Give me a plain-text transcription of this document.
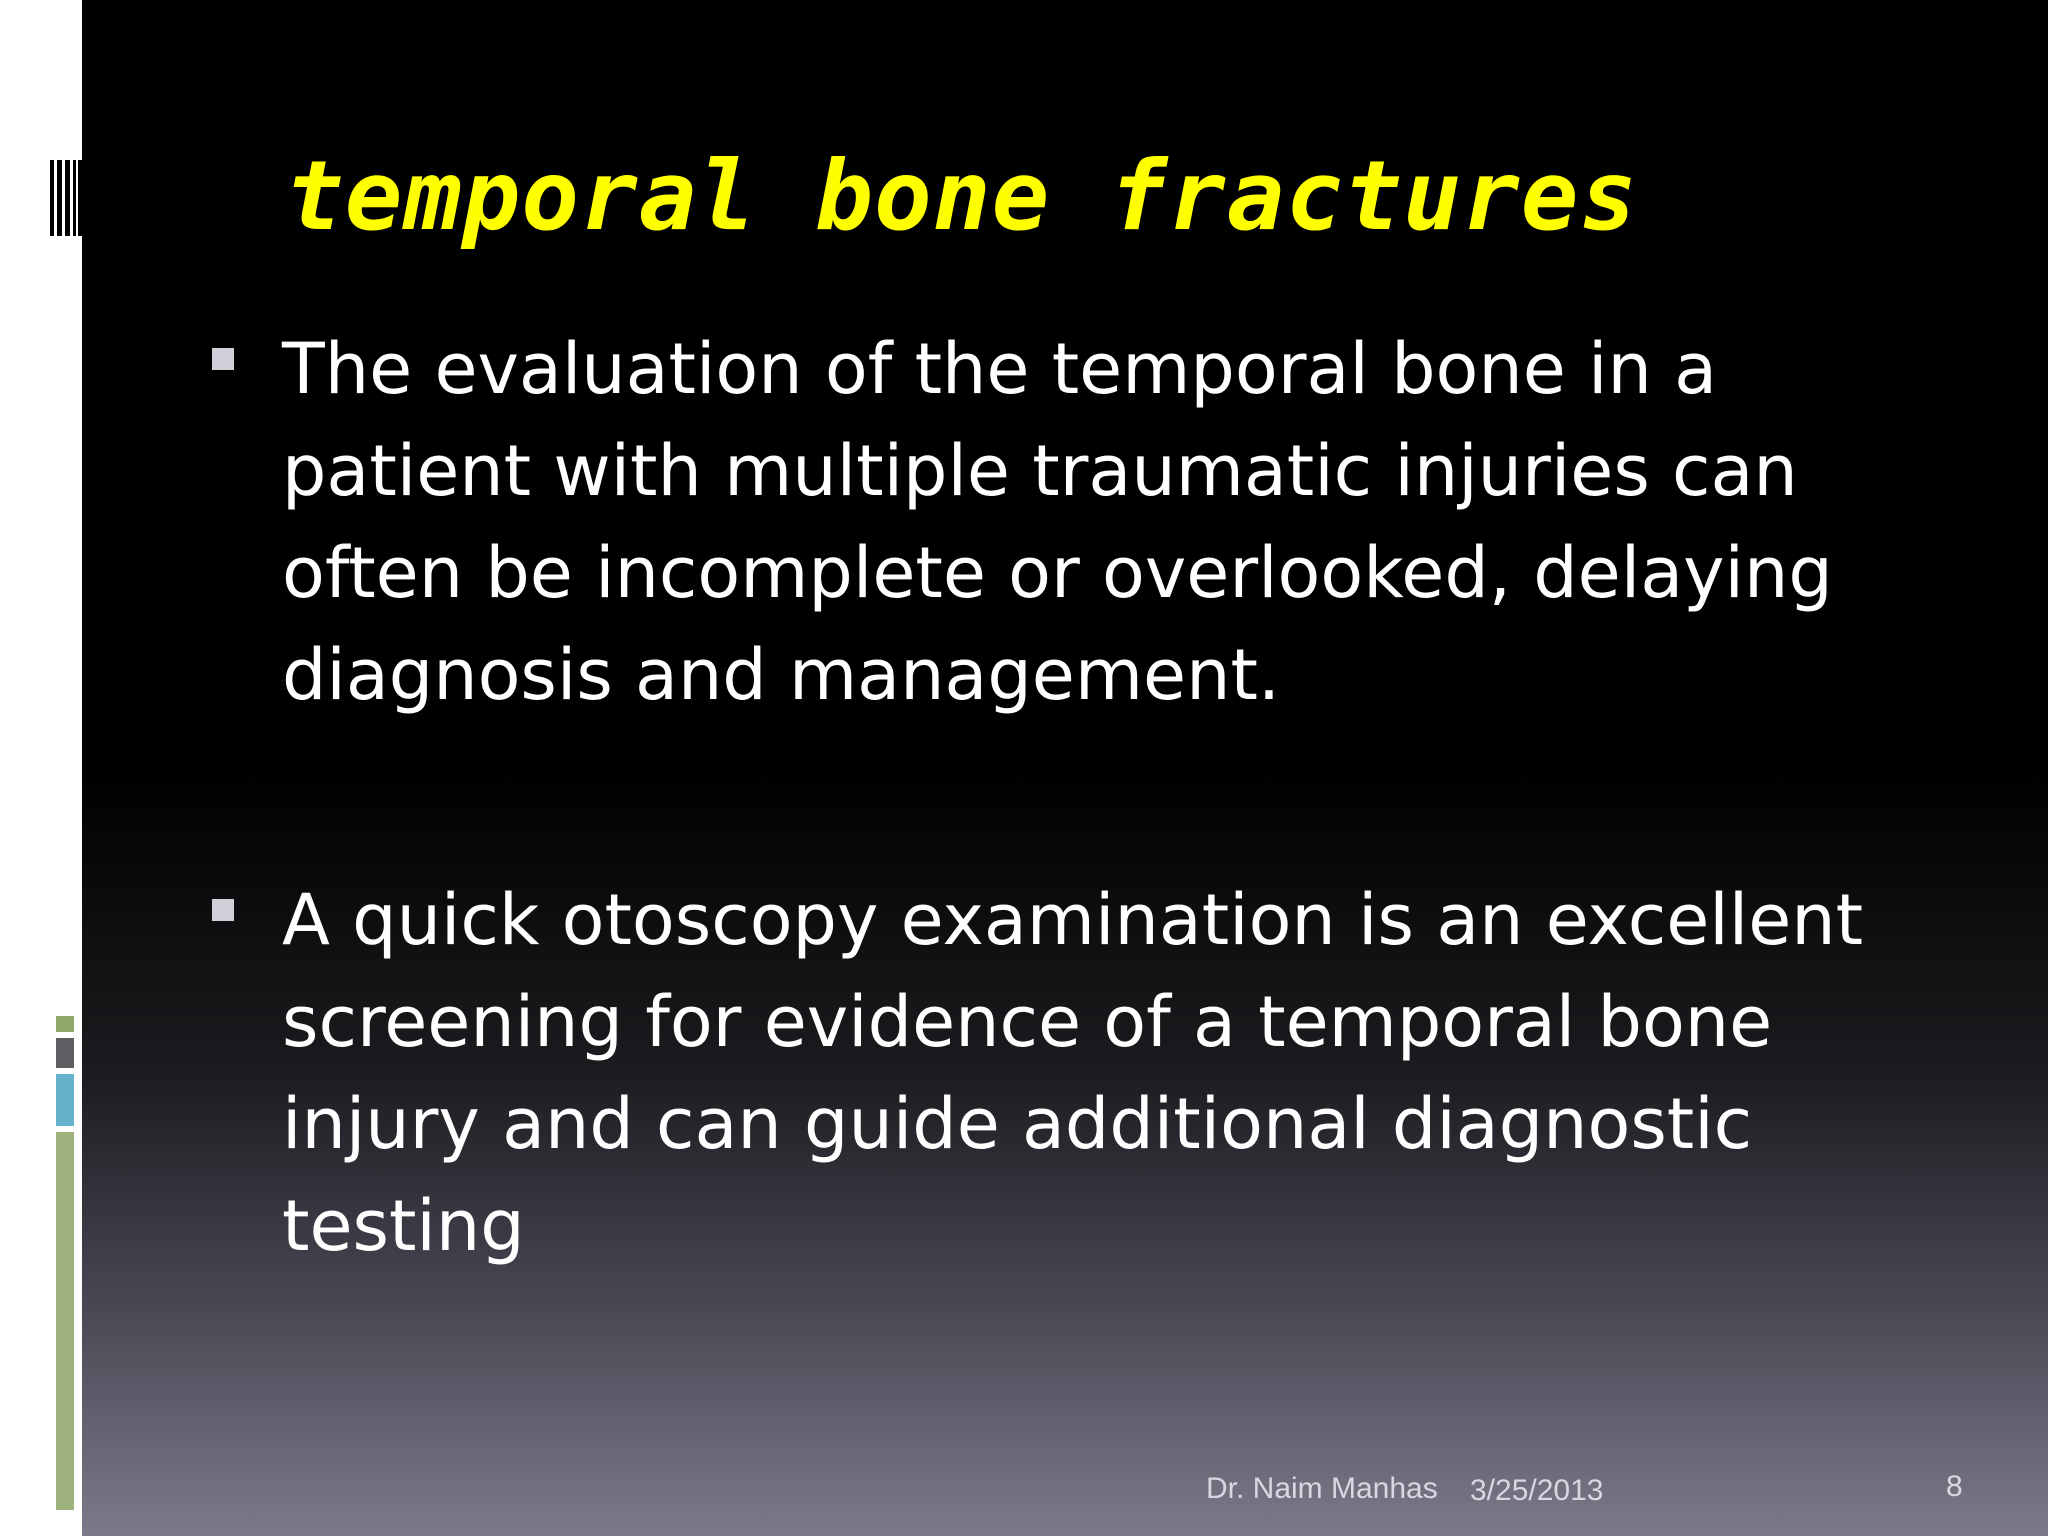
temporal bone fractures
The evaluation of the temporal bone in a patient with multiple traumatic injuries can often be incomplete or overlooked, delaying diagnosis and management.
A quick otoscopy examination is an excellent screening for evidence of a temporal bone injury and can guide additional diagnostic testing
Dr. Naim Manhas 3/25/2013	8
